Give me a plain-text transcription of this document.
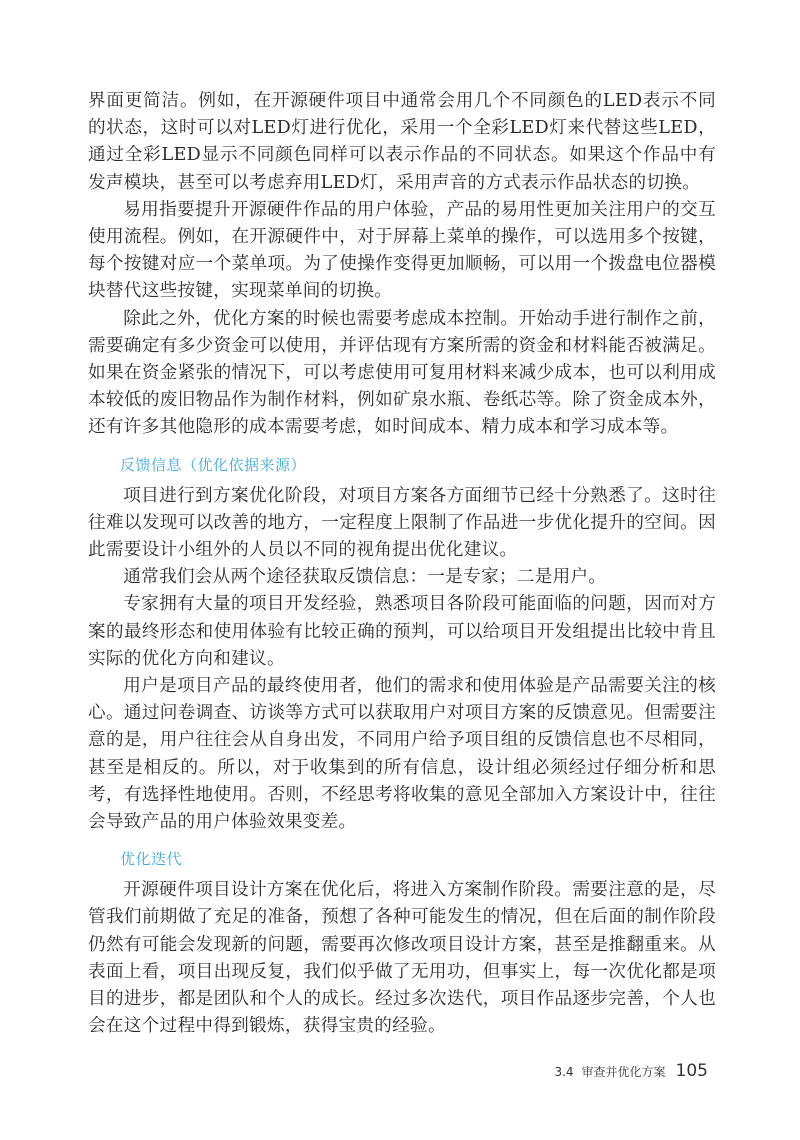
界面更简洁。例如，在开源硬件项目中通常会用几个不同颜色的LED表示不同的状态，这时可以对LED灯进行优化，采用一个全彩LED灯来代替这些LED，通过全彩LED显示不同颜色同样可以表示作品的不同状态。如果这个作品中有发声模块，甚至可以考虑弃用LED灯，采用声音的方式表示作品状态的切换。

易用指要提升开源硬件作品的用户体验，产品的易用性更加关注用户的交互使用流程。例如，在开源硬件中，对于屏幕上菜单的操作，可以选用多个按键，每个按键对应一个菜单项。为了使操作变得更加顺畅，可以用一个拨盘电位器模块替代这些按键，实现菜单间的切换。

除此之外，优化方案的时候也需要考虑成本控制。开始动手进行制作之前，需要确定有多少资金可以使用，并评估现有方案所需的资金和材料能否被满足。如果在资金紧张的情况下，可以考虑使用可复用材料来减少成本，也可以利用成本较低的废旧物品作为制作材料，例如矿泉水瓶、卷纸芯等。除了资金成本外，还有许多其他隐形的成本需要考虑，如时间成本、精力成本和学习成本等。

反馈信息（优化依据来源）

项目进行到方案优化阶段，对项目方案各方面细节已经十分熟悉了。这时往往难以发现可以改善的地方，一定程度上限制了作品进一步优化提升的空间。因此需要设计小组外的人员以不同的视角提出优化建议。

通常我们会从两个途径获取反馈信息：一是专家；二是用户。

专家拥有大量的项目开发经验，熟悉项目各阶段可能面临的问题，因而对方案的最终形态和使用体验有比较正确的预判，可以给项目开发组提出比较中肯且实际的优化方向和建议。

用户是项目产品的最终使用者，他们的需求和使用体验是产品需要关注的核心。通过问卷调查、访谈等方式可以获取用户对项目方案的反馈意见。但需要注意的是，用户往往会从自身出发，不同用户给予项目组的反馈信息也不尽相同，甚至是相反的。所以，对于收集到的所有信息，设计组必须经过仔细分析和思考，有选择性地使用。否则，不经思考将收集的意见全部加入方案设计中，往往会导致产品的用户体验效果变差。

优化迭代

开源硬件项目设计方案在优化后，将进入方案制作阶段。需要注意的是，尽管我们前期做了充足的准备，预想了各种可能发生的情况，但在后面的制作阶段仍然有可能会发现新的问题，需要再次修改项目设计方案，甚至是推翻重来。从表面上看，项目出现反复，我们似乎做了无用功，但事实上，每一次优化都是项目的进步，都是团队和个人的成长。经过多次迭代，项目作品逐步完善，个人也会在这个过程中得到锻炼，获得宝贵的经验。

3.4 审查并优化方案 105
